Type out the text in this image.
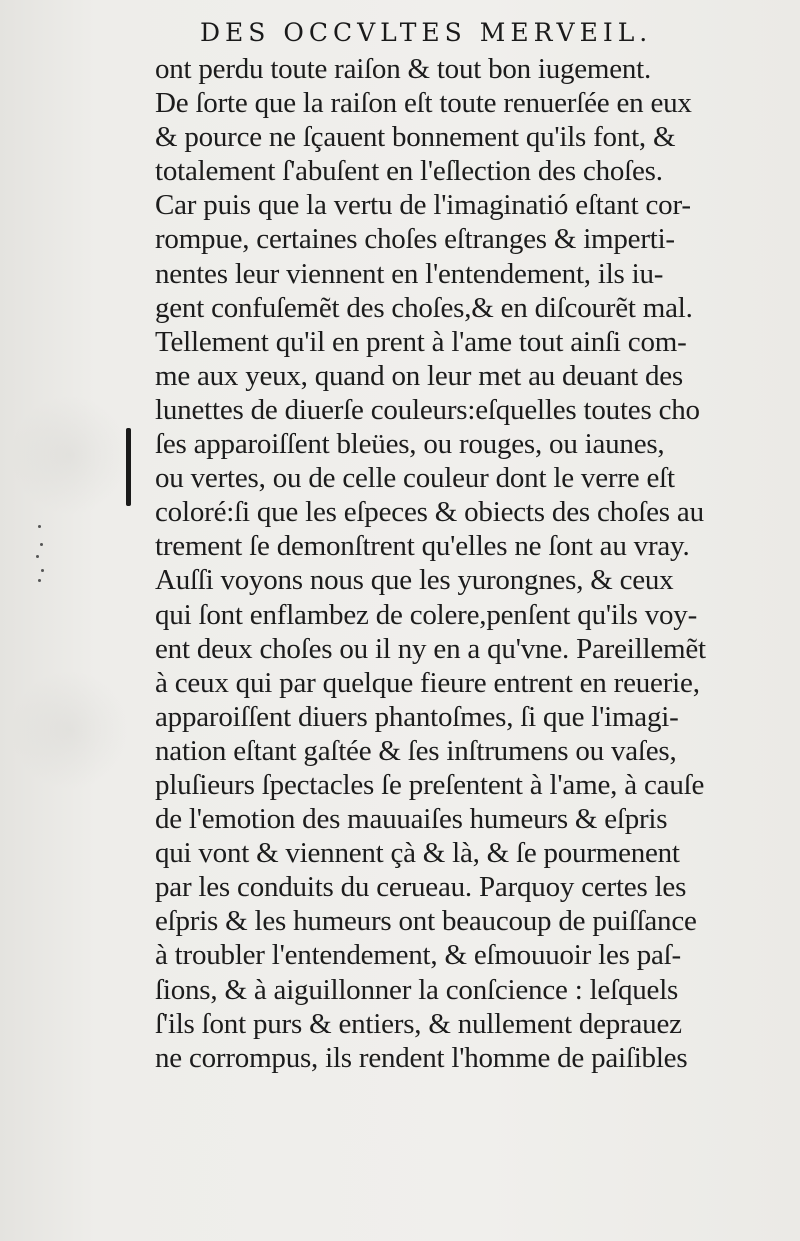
DES OCCVLTES MERVEIL.
ont perdu toute raiſon & tout bon iugement.
De ſorte que la raiſon eſt toute renuerſée en eux
& pource ne ſçauent bonnement qu'ils font, &
totalement ſ'abuſent en l'eſlection des choſes.
Car puis que la vertu de l'imaginatió eſtant cor-
rompue, certaines choſes eſtranges & imperti-
nentes leur viennent en l'entendement, ils iu-
gent confuſemẽt des choſes,& en diſcourẽt mal.
Tellement qu'il en prent à l'ame tout ainſi com-
me aux yeux, quand on leur met au deuant des
lunettes de diuerſe couleurs:eſquelles toutes cho
ſes apparoiſſent bleües, ou rouges, ou iaunes,
ou vertes, ou de celle couleur dont le verre eſt
coloré:ſi que les eſpeces & obiects des choſes au
trement ſe demonſtrent qu'elles ne ſont au vray.
Auſſi voyons nous que les yurongnes, & ceux
qui ſont enflambez de colere,penſent qu'ils voy-
ent deux choſes ou il ny en a qu'vne. Pareillemẽt
à ceux qui par quelque fieure entrent en reuerie,
apparoiſſent diuers phantoſmes, ſi que l'imagi-
nation eſtant gaſtée & ſes inſtrumens ou vaſes,
pluſieurs ſpectacles ſe preſentent à l'ame, à cauſe
de l'emotion des mauuaiſes humeurs & eſpris
qui vont & viennent çà & là, & ſe pourmenent
par les conduits du cerueau. Parquoy certes les
eſpris & les humeurs ont beaucoup de puiſſance
à troubler l'entendement, & eſmouuoir les paſ-
ſions, & à aiguillonner la conſcience : leſquels
ſ'ils ſont purs & entiers, & nullement deprauez
ne corrompus, ils rendent l'homme de paiſibles
